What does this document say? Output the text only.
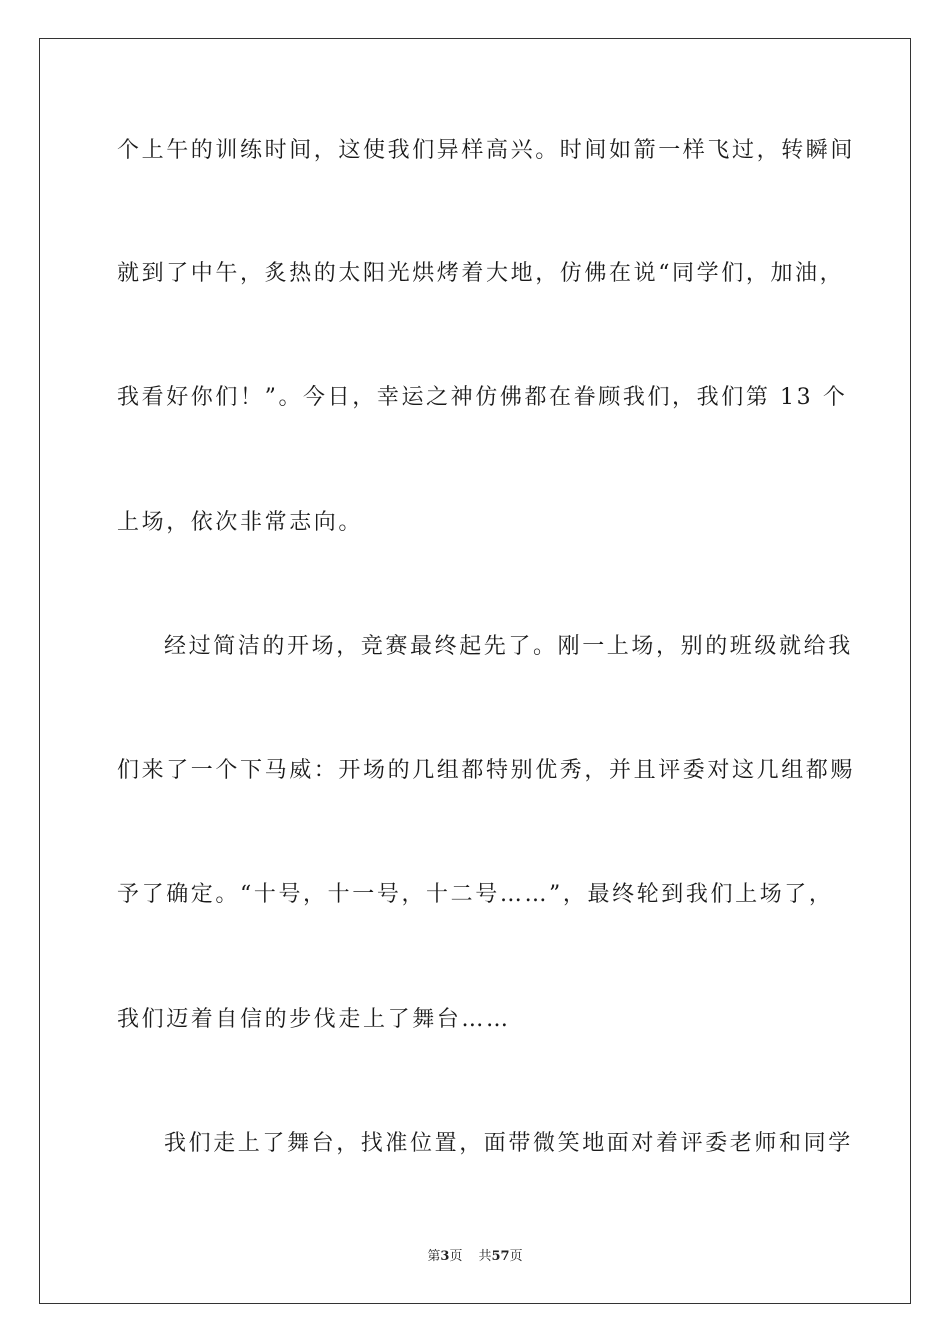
个上午的训练时间，这使我们异样高兴。时间如箭一样飞过，转瞬间
就到了中午，炙热的太阳光烘烤着大地，仿佛在说“同学们，加油，
我看好你们！”。今日，幸运之神仿佛都在眷顾我们，我们第 13 个
上场，依次非常志向。
经过简洁的开场，竞赛最终起先了。刚一上场，别的班级就给我
们来了一个下马威：开场的几组都特别优秀，并且评委对这几组都赐
予了确定。“十号，十一号，十二号……”，最终轮到我们上场了，
我们迈着自信的步伐走上了舞台……
我们走上了舞台，找准位置，面带微笑地面对着评委老师和同学
第3页 共57页
